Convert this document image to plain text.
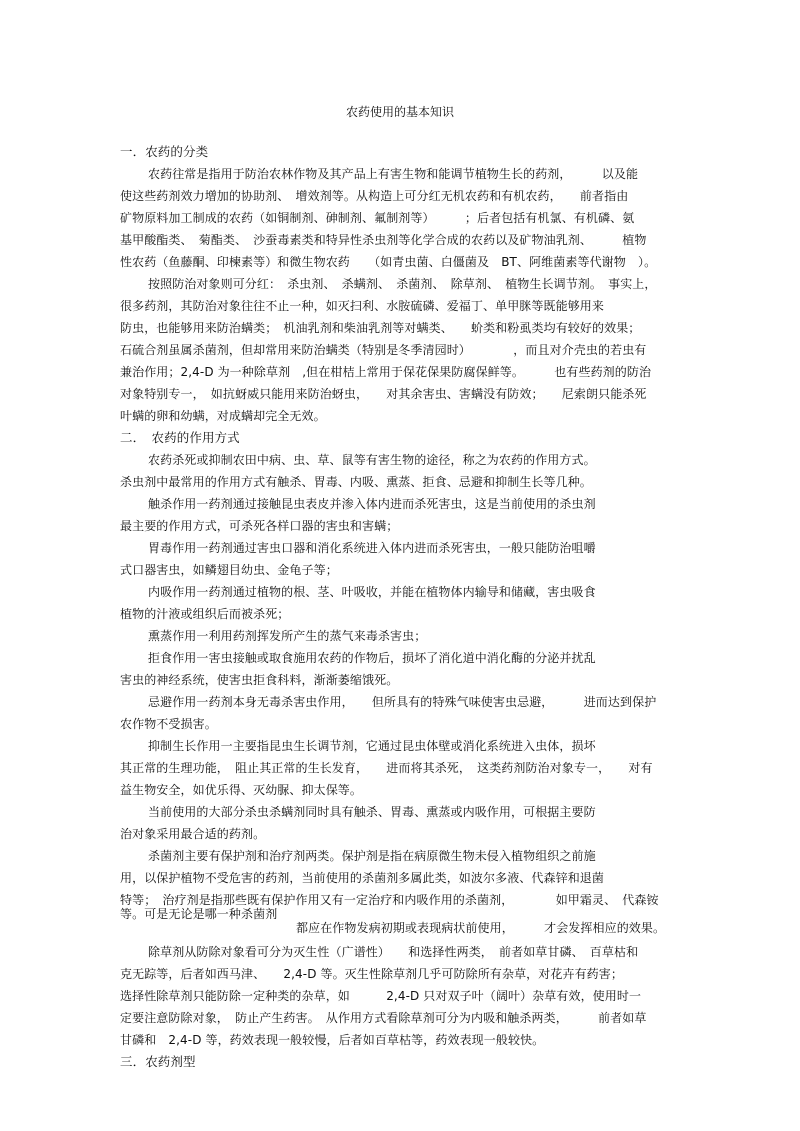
农药使用的基本知识
一．农药的分类
农药往常是指用于防治农林作物及其产品上有害生物和能调节植物生长的药剂，　　　以及能
使这些药剂效力增加的协助剂、　增效剂等。从构造上可分红无机农药和有机农药，　　前者指由
矿物原料加工制成的农药（如铜制剂、砷制剂、氟制剂等）　　　；后者包括有机氯、有机磷、氨
基甲酸酯类、　菊酯类、　沙蚕毒素类和特异性杀虫剂等化学合成的农药以及矿物油乳剂、　　　植物
性农药（鱼藤酮、印楝素等）和微生物农药　　（如青虫菌、白僵菌及　BT、阿维菌素等代谢物　）。
按照防治对象则可分红：　杀虫剂、　杀螨剂、　杀菌剂、　除草剂、　植物生长调节剂。　事实上，
很多药剂，其防治对象往往不止一种，如灭扫利、水胺硫磷、爱福丁、单甲脒等既能够用来
防虫，也能够用来防治螨类；　机油乳剂和柴油乳剂等对螨类、　　蚧类和粉虱类均有较好的效果；
石硫合剂虽属杀菌剂，但却常用来防治螨类（特别是冬季清园时）　　　　，而且对介壳虫的若虫有
兼治作用；2,4-D 为一种除草剂　,但在柑桔上常用于保花保果防腐保鲜等。　　　也有些药剂的防治
对象特别专一，　如抗蚜威只能用来防治蚜虫，　　对其余害虫、害螨没有防效；　　尼索朗只能杀死
叶螨的卵和幼螨，对成螨却完全无效。
二．　农药的作用方式
农药杀死或抑制农田中病、虫、草、鼠等有害生物的途径，称之为农药的作用方式。
杀虫剂中最常用的作用方式有触杀、胃毒、内吸、熏蒸、拒食、忌避和抑制生长等几种。
触杀作用一药剂通过接触昆虫表皮并渗入体内进而杀死害虫，这是当前使用的杀虫剂
最主要的作用方式，可杀死各样口器的害虫和害螨；
胃毒作用一药剂通过害虫口器和消化系统进入体内进而杀死害虫，一般只能防治咀嚼
式口器害虫，如鳞翅目幼虫、金龟子等；
内吸作用一药剂通过植物的根、茎、叶吸收，并能在植物体内输导和储藏，害虫吸食
植物的汁液或组织后而被杀死；
熏蒸作用一利用药剂挥发所产生的蒸气来毒杀害虫；
拒食作用一害虫接触或取食施用农药的作物后，损坏了消化道中消化酶的分泌并扰乱
害虫的神经系统，使害虫拒食科料，渐渐萎缩饿死。
忌避作用一药剂本身无毒杀害虫作用，　　但所具有的特殊气味使害虫忌避，　　　进而达到保护
农作物不受损害。
抑制生长作用一主要指昆虫生长调节剂，它通过昆虫体壁或消化系统进入虫体，损坏
其正常的生理功能，　阻止其正常的生长发育，　　进而将其杀死，　这类药剂防治对象专一，　　对有
益生物安全，如优乐得、灭幼脲、抑太保等。
当前使用的大部分杀虫杀螨剂同时具有触杀、胃毒、熏蒸或内吸作用，可根据主要防
治对象采用最合适的药剂。
杀菌剂主要有保护剂和治疗剂两类。保护剂是指在病原微生物未侵入植物组织之前施
用，以保护植物不受危害的药剂，当前使用的杀菌剂多属此类，如波尔多液、代森锌和退菌
特等；　治疗剂是指那些既有保护作用又有一定治疗和内吸作用的杀菌剂，　　　　如甲霜灵、　代森铵
等。可是无论是哪一种杀菌剂
都应在作物发病初期或表现病状前使用，　　　才会发挥相应的效果。
除草剂从防除对象看可分为灭生性（广谱性）　　和选择性两类，　前者如草甘磷、　百草枯和
克无踪等，后者如西马津、　　2,4-D 等。灭生性除草剂几乎可防除所有杂草，对花卉有药害；
选择性除草剂只能防除一定种类的杂草，如　　　2,4-D 只对双子叶（阔叶）杂草有效，使用时一
定要注意防除对象，　防止产生药害。　从作用方式看除草剂可分为内吸和触杀两类，　　　前者如草
甘磷和　2,4-D 等，药效表现一般较慢，后者如百草枯等，药效表现一般较快。
三．农药剂型
